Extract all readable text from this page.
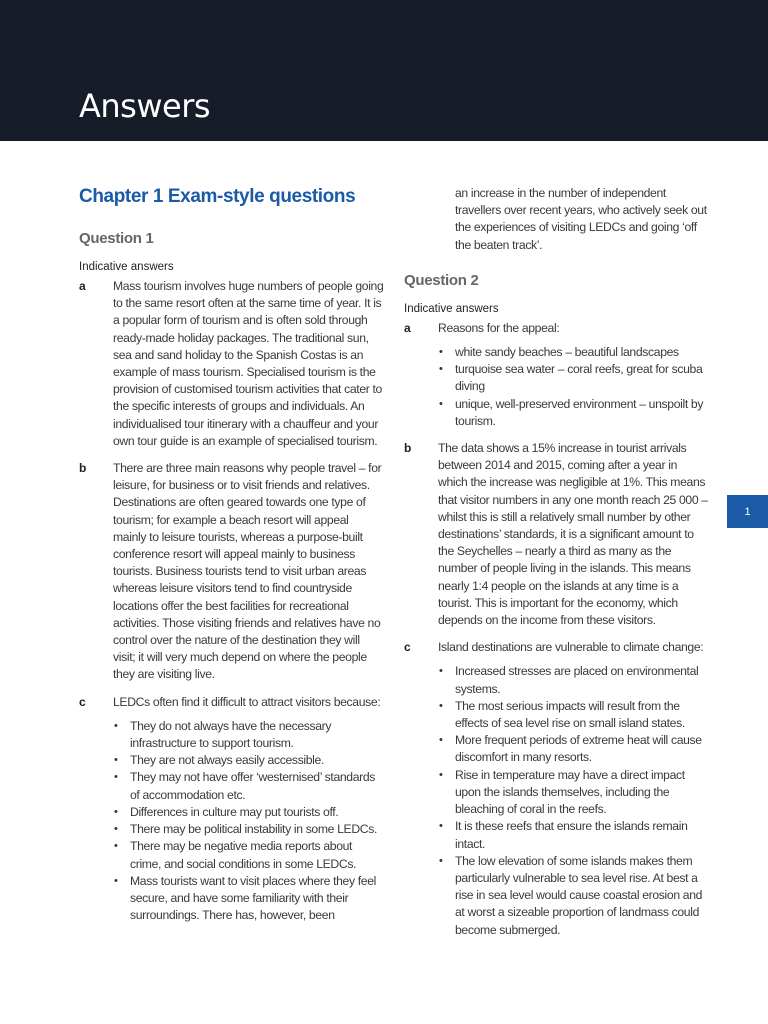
Answers
1
Chapter 1 Exam-style questions
Question 1
Indicative answers
a Mass tourism involves huge numbers of people going to the same resort often at the same time of year. It is a popular form of tourism and is often sold through ready-made holiday packages. The traditional sun, sea and sand holiday to the Spanish Costas is an example of mass tourism. Specialised tourism is the provision of customised tourism activities that cater to the specific interests of groups and individuals. An individualised tour itinerary with a chauffeur and your own tour guide is an example of specialised tourism.

b There are three main reasons why people travel – for leisure, for business or to visit friends and relatives. Destinations are often geared towards one type of tourism; for example a beach resort will appeal mainly to leisure tourists, whereas a purpose-built conference resort will appeal mainly to business tourists. Business tourists tend to visit urban areas whereas leisure visitors tend to find countryside locations offer the best facilities for recreational activities. Those visiting friends and relatives have no control over the nature of the destination they will visit; it will very much depend on where the people they are visiting live.

c LEDCs often find it difficult to attract visitors because:

• They do not always have the necessary infrastructure to support tourism.
• They are not always easily accessible.
• They may not have offer ‘westernised’ standards of accommodation etc.
• Differences in culture may put tourists off.
• There may be political instability in some LEDCs.
• There may be negative media reports about crime, and social conditions in some LEDCs.
• Mass tourists want to visit places where they feel secure, and have some familiarity with their surroundings. There has, however, been
an increase in the number of independent travellers over recent years, who actively seek out the experiences of visiting LEDCs and going ‘off the beaten track’.
Question 2
Indicative answers
a Reasons for the appeal:

• white sandy beaches – beautiful landscapes
• turquoise sea water – coral reefs, great for scuba diving
• unique, well-preserved environment – unspoilt by tourism.
b The data shows a 15% increase in tourist arrivals between 2014 and 2015, coming after a year in which the increase was negligible at 1%. This means that visitor numbers in any one month reach 25 000 – whilst this is still a relatively small number by other destinations’ standards, it is a significant amount to the Seychelles – nearly a third as many as the number of people living in the islands. This means nearly 1:4 people on the islands at any time is a tourist. This is important for the economy, which depends on the income from these visitors.

c Island destinations are vulnerable to climate change:

• Increased stresses are placed on environmental systems.
• The most serious impacts will result from the effects of sea level rise on small island states.
• More frequent periods of extreme heat will cause discomfort in many resorts.
• Rise in temperature may have a direct impact upon the islands themselves, including the bleaching of coral in the reefs.
• It is these reefs that ensure the islands remain intact.
• The low elevation of some islands makes them particularly vulnerable to sea level rise. At best a rise in sea level would cause coastal erosion and at worst a sizeable proportion of landmass could become submerged.
